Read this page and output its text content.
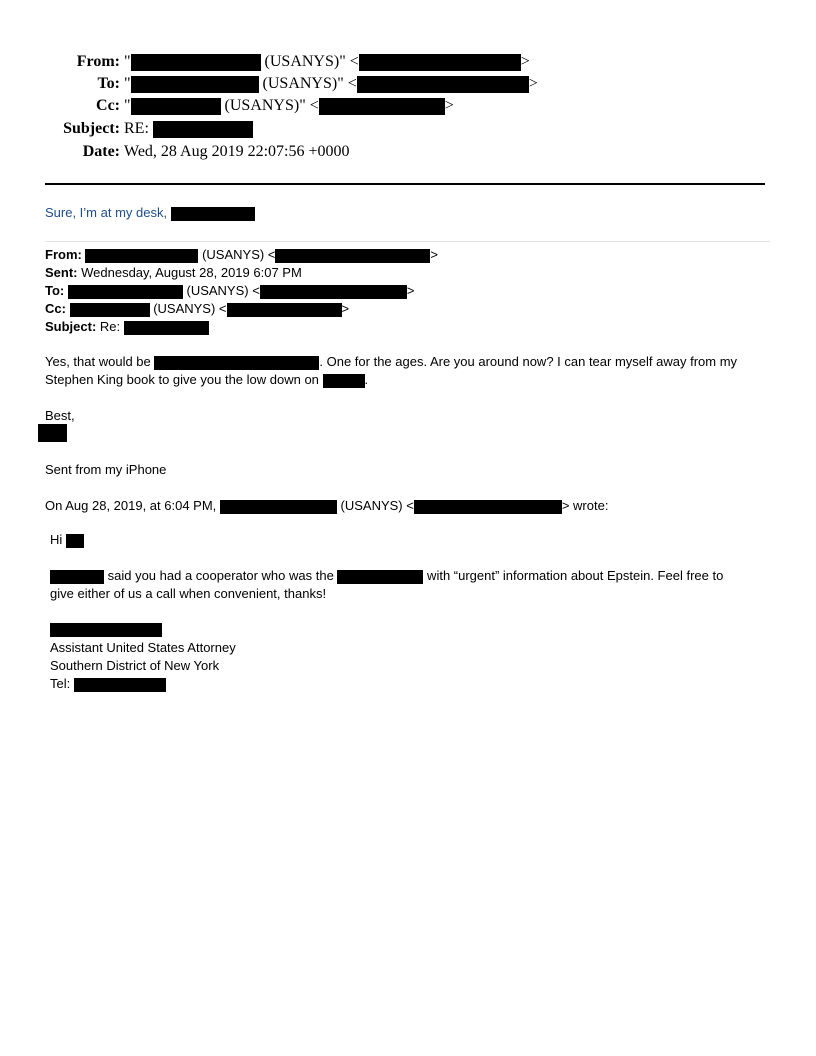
From: "	(USANYS)" <	>
To: "	(USANYS)" <	>
Cc: "	(USANYS)" <	>
Subject: RE:
Date: Wed, 28 Aug 2019 22:07:56 +0000
Sure, I’m at my desk,
From:	(USANYS) <	>
Sent: Wednesday, August 28, 2019 6:07 PM
To:	(USANYS) <	>
Cc:	(USANYS) <	>
Subject: Re:
Yes, that would be	. One for the ages. Are you around now? I can tear myself away from my
Stephen King book to give you the low down on	.
Best,
Sent from my iPhone
On Aug 28, 2019, at 6:04 PM,	(USANYS) <	> wrote:
Hi
said you had a cooperator who was the	with “urgent” information about Epstein. Feel free to
give either of us a call when convenient, thanks!
Assistant United States Attorney
Southern District of New York
Tel:
